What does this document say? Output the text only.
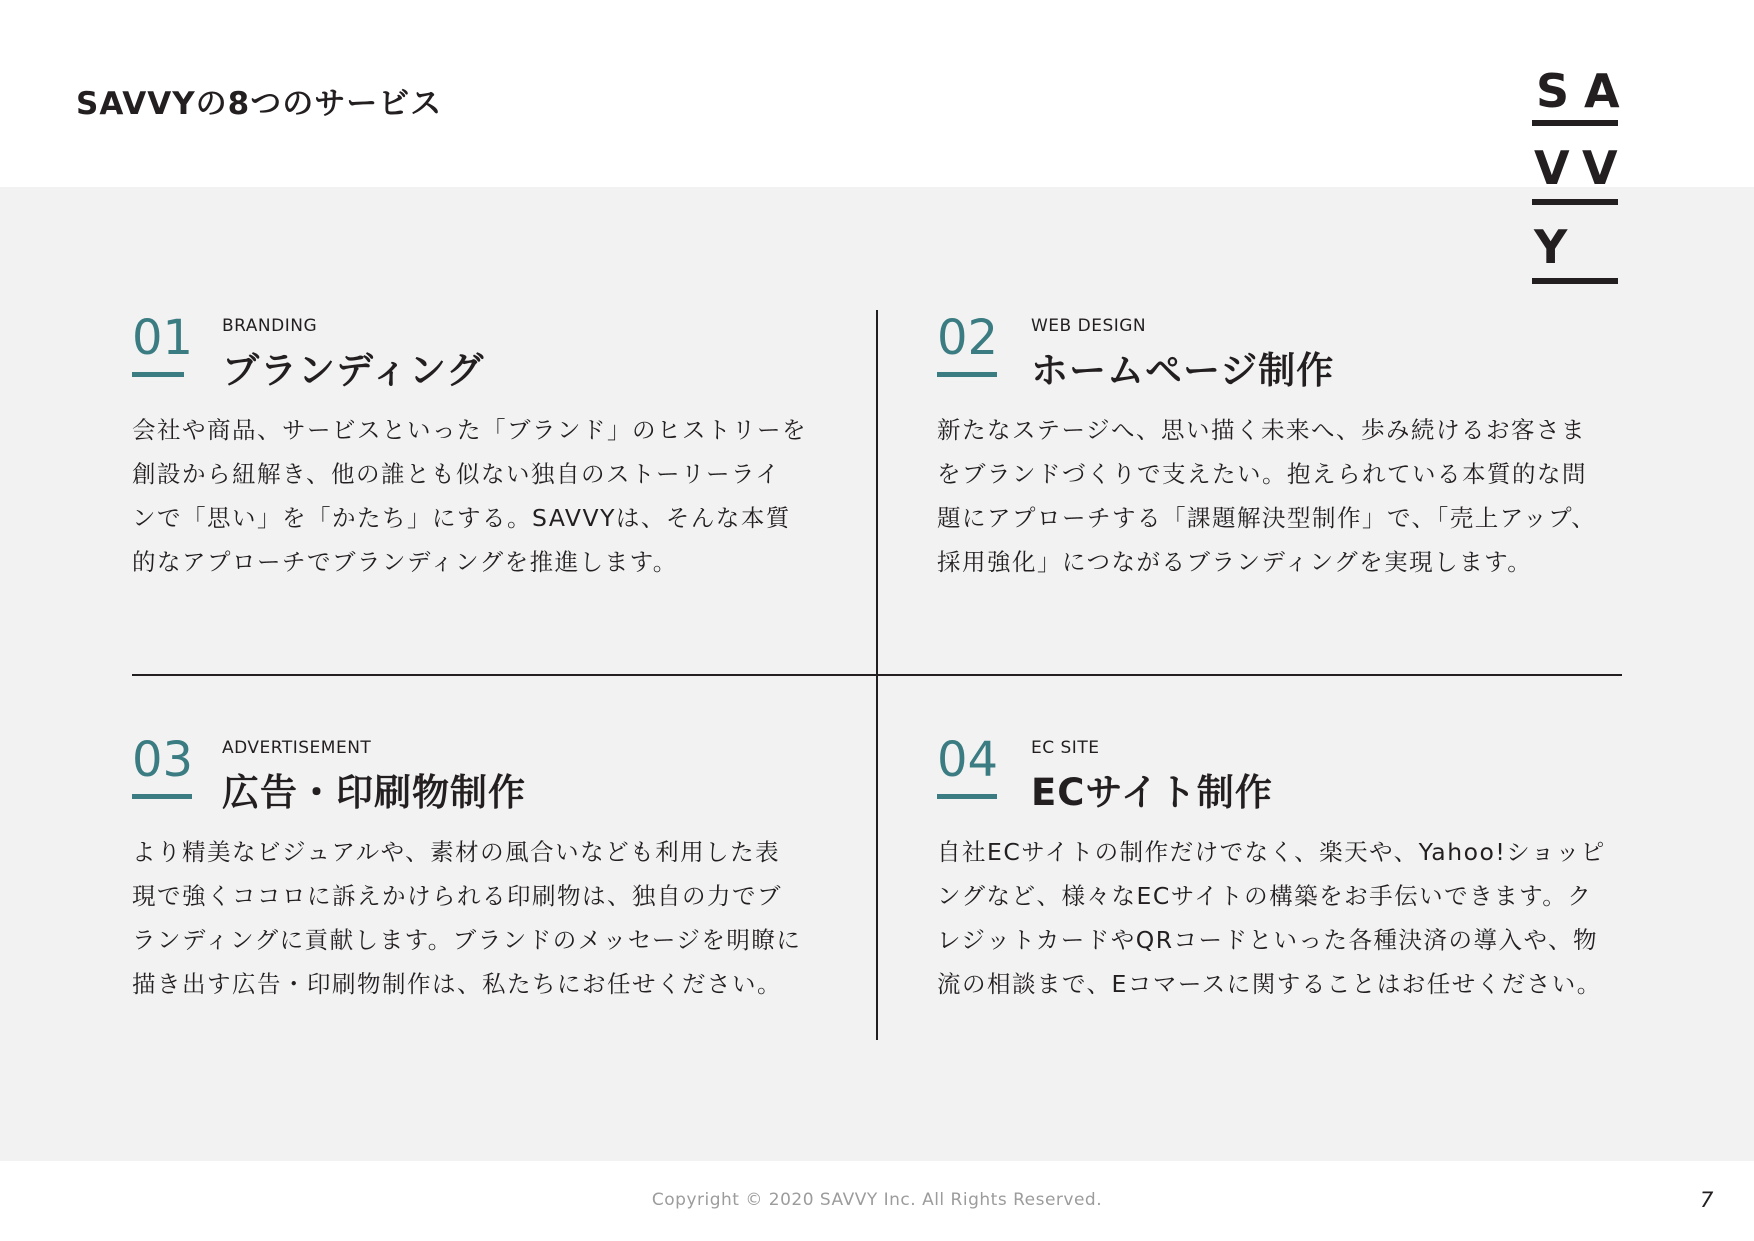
SAVVYの8つのサービス	S A
V V
Y
01 BRANDING
ブランディング
会社や商品、サービスといった「ブランド」のヒストリーを
創設から紐解き、他の誰とも似ない独自のストーリーライ
ンで「思い」を「かたち」にする。SAVVYは、そんな本質
的なアプローチでブランディングを推進します。
02 WEB DESIGN
ホームページ制作
新たなステージへ、思い描く未来へ、歩み続けるお客さま
をブランドづくりで支えたい。抱えられている本質的な問
題にアプローチする「課題解決型制作」で、「売上アップ、
採用強化」につながるブランディングを実現します。
03 ADVERTISEMENT
広告・印刷物制作
より精美なビジュアルや、素材の風合いなども利用した表
現で強くココロに訴えかけられる印刷物は、独自の力でブ
ランディングに貢献します。ブランドのメッセージを明瞭に
描き出す広告・印刷物制作は、私たちにお任せください。
04 EC SITE
ECサイト制作
自社ECサイトの制作だけでなく、楽天や、Yahoo!ショッピ
ングなど、様々なECサイトの構築をお手伝いできます。ク
レジットカードやQRコードといった各種決済の導入や、物
流の相談まで、Eコマースに関することはお任せください。
Copyright © 2020 SAVVY Inc. All Rights Reserved.	7
